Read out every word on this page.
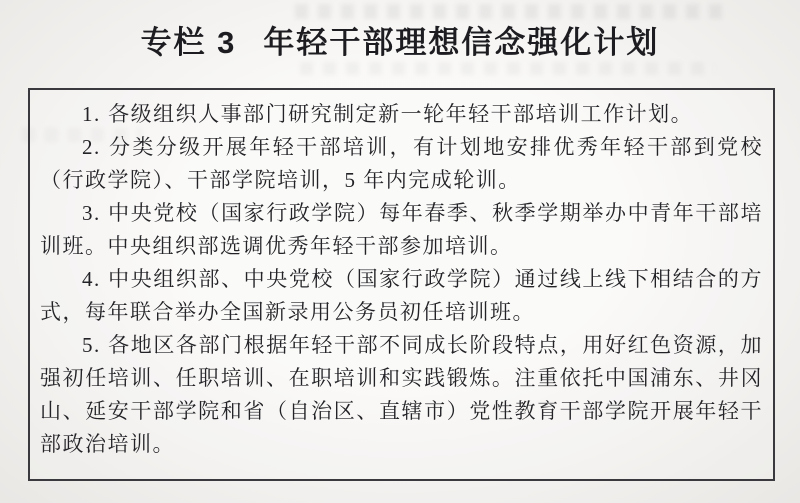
专栏 3 年轻干部理想信念强化计划

1. 各级组织人事部门研究制定新一轮年轻干部培训工作计划。

2. 分类分级开展年轻干部培训，有计划地安排优秀年轻干部到党校（行政学院）、干部学院培训，5 年内完成轮训。

3. 中央党校（国家行政学院）每年春季、秋季学期举办中青年干部培训班。中央组织部选调优秀年轻干部参加培训。

4. 中央组织部、中央党校（国家行政学院）通过线上线下相结合的方式，每年联合举办全国新录用公务员初任培训班。

5. 各地区各部门根据年轻干部不同成长阶段特点，用好红色资源，加强初任培训、任职培训、在职培训和实践锻炼。注重依托中国浦东、井冈山、延安干部学院和省（自治区、直辖市）党性教育干部学院开展年轻干部政治培训。
